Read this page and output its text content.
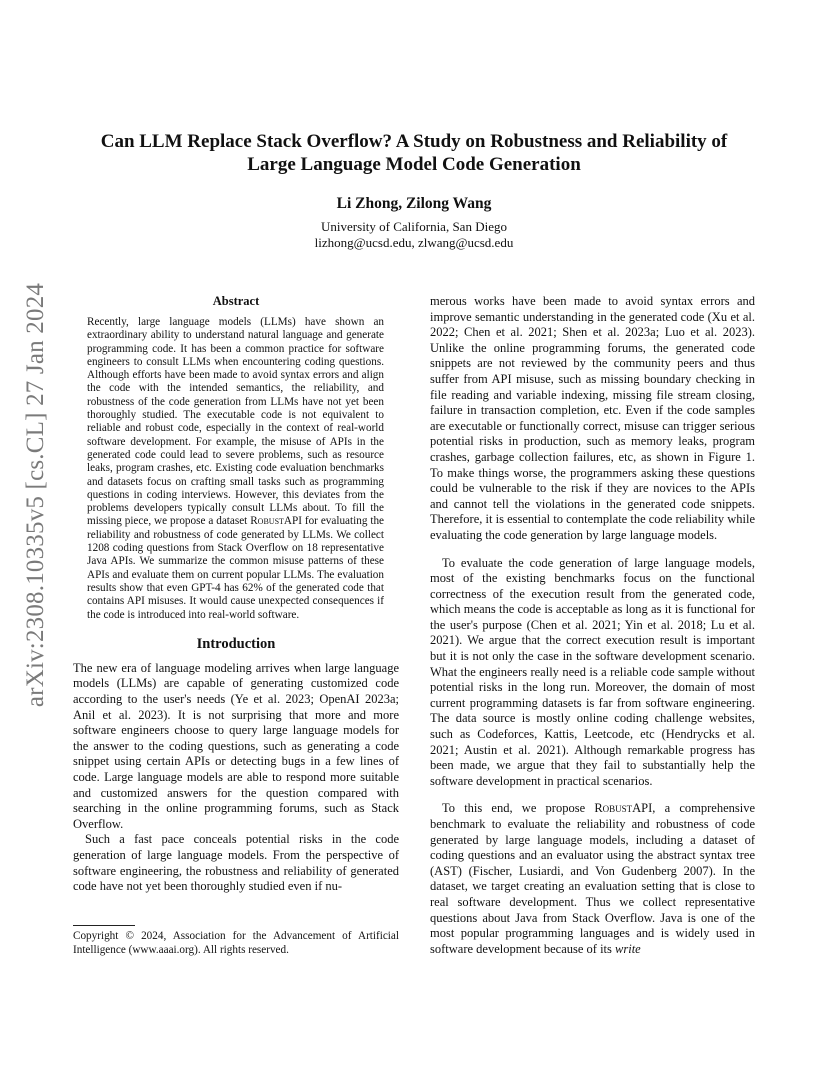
arXiv:2308.10335v5 [cs.CL] 27 Jan 2024
Can LLM Replace Stack Overflow? A Study on Robustness and Reliability of
Large Language Model Code Generation
Li Zhong, Zilong Wang
University of California, San Diego
lizhong@ucsd.edu, zlwang@ucsd.edu
Abstract

Recently, large language models (LLMs) have shown an extraordinary ability to understand natural language and generate programming code. It has been a common practice for software engineers to consult LLMs when encountering coding questions. Although efforts have been made to avoid syntax errors and align the code with the intended semantics, the reliability, and robustness of the code generation from LLMs have not yet been thoroughly studied. The executable code is not equivalent to reliable and robust code, especially in the context of real-world software development. For example, the misuse of APIs in the generated code could lead to severe problems, such as resource leaks, program crashes, etc. Existing code evaluation benchmarks and datasets focus on crafting small tasks such as programming questions in coding interviews. However, this deviates from the problems developers typically consult LLMs about. To fill the missing piece, we propose a dataset RobustAPI for evaluating the reliability and robustness of code generated by LLMs. We collect 1208 coding questions from Stack Overflow on 18 representative Java APIs. We summarize the common misuse patterns of these APIs and evaluate them on current popular LLMs. The evaluation results show that even GPT-4 has 62% of the generated code that contains API misuses. It would cause unexpected consequences if the code is introduced into real-world software.

Introduction

The new era of language modeling arrives when large language models (LLMs) are capable of generating customized code according to the user's needs (Ye et al. 2023; OpenAI 2023a; Anil et al. 2023). It is not surprising that more and more software engineers choose to query large language models for the answer to the coding questions, such as generating a code snippet using certain APIs or detecting bugs in a few lines of code. Large language models are able to respond more suitable and customized answers for the question compared with searching in the online programming forums, such as Stack Overflow.

Such a fast pace conceals potential risks in the code generation of large language models. From the perspective of software engineering, the robustness and reliability of generated code have not yet been thoroughly studied even if nu-

Copyright © 2024, Association for the Advancement of Artificial Intelligence (www.aaai.org). All rights reserved.

merous works have been made to avoid syntax errors and improve semantic understanding in the generated code (Xu et al. 2022; Chen et al. 2021; Shen et al. 2023a; Luo et al. 2023). Unlike the online programming forums, the generated code snippets are not reviewed by the community peers and thus suffer from API misuse, such as missing boundary checking in file reading and variable indexing, missing file stream closing, failure in transaction completion, etc. Even if the code samples are executable or functionally correct, misuse can trigger serious potential risks in production, such as memory leaks, program crashes, garbage collection failures, etc, as shown in Figure 1. To make things worse, the programmers asking these questions could be vulnerable to the risk if they are novices to the APIs and cannot tell the violations in the generated code snippets. Therefore, it is essential to contemplate the code reliability while evaluating the code generation by large language models.

To evaluate the code generation of large language models, most of the existing benchmarks focus on the functional correctness of the execution result from the generated code, which means the code is acceptable as long as it is functional for the user's purpose (Chen et al. 2021; Yin et al. 2018; Lu et al. 2021). We argue that the correct execution result is important but it is not only the case in the software development scenario. What the engineers really need is a reliable code sample without potential risks in the long run. Moreover, the domain of most current programming datasets is far from software engineering. The data source is mostly online coding challenge websites, such as Codeforces, Kattis, Leetcode, etc (Hendrycks et al. 2021; Austin et al. 2021). Although remarkable progress has been made, we argue that they fail to substantially help the software development in practical scenarios.

To this end, we propose RobustAPI, a comprehensive benchmark to evaluate the reliability and robustness of code generated by large language models, including a dataset of coding questions and an evaluator using the abstract syntax tree (AST) (Fischer, Lusiardi, and Von Gudenberg 2007). In the dataset, we target creating an evaluation setting that is close to real software development. Thus we collect representative questions about Java from Stack Overflow. Java is one of the most popular programming languages and is widely used in software development because of its write
